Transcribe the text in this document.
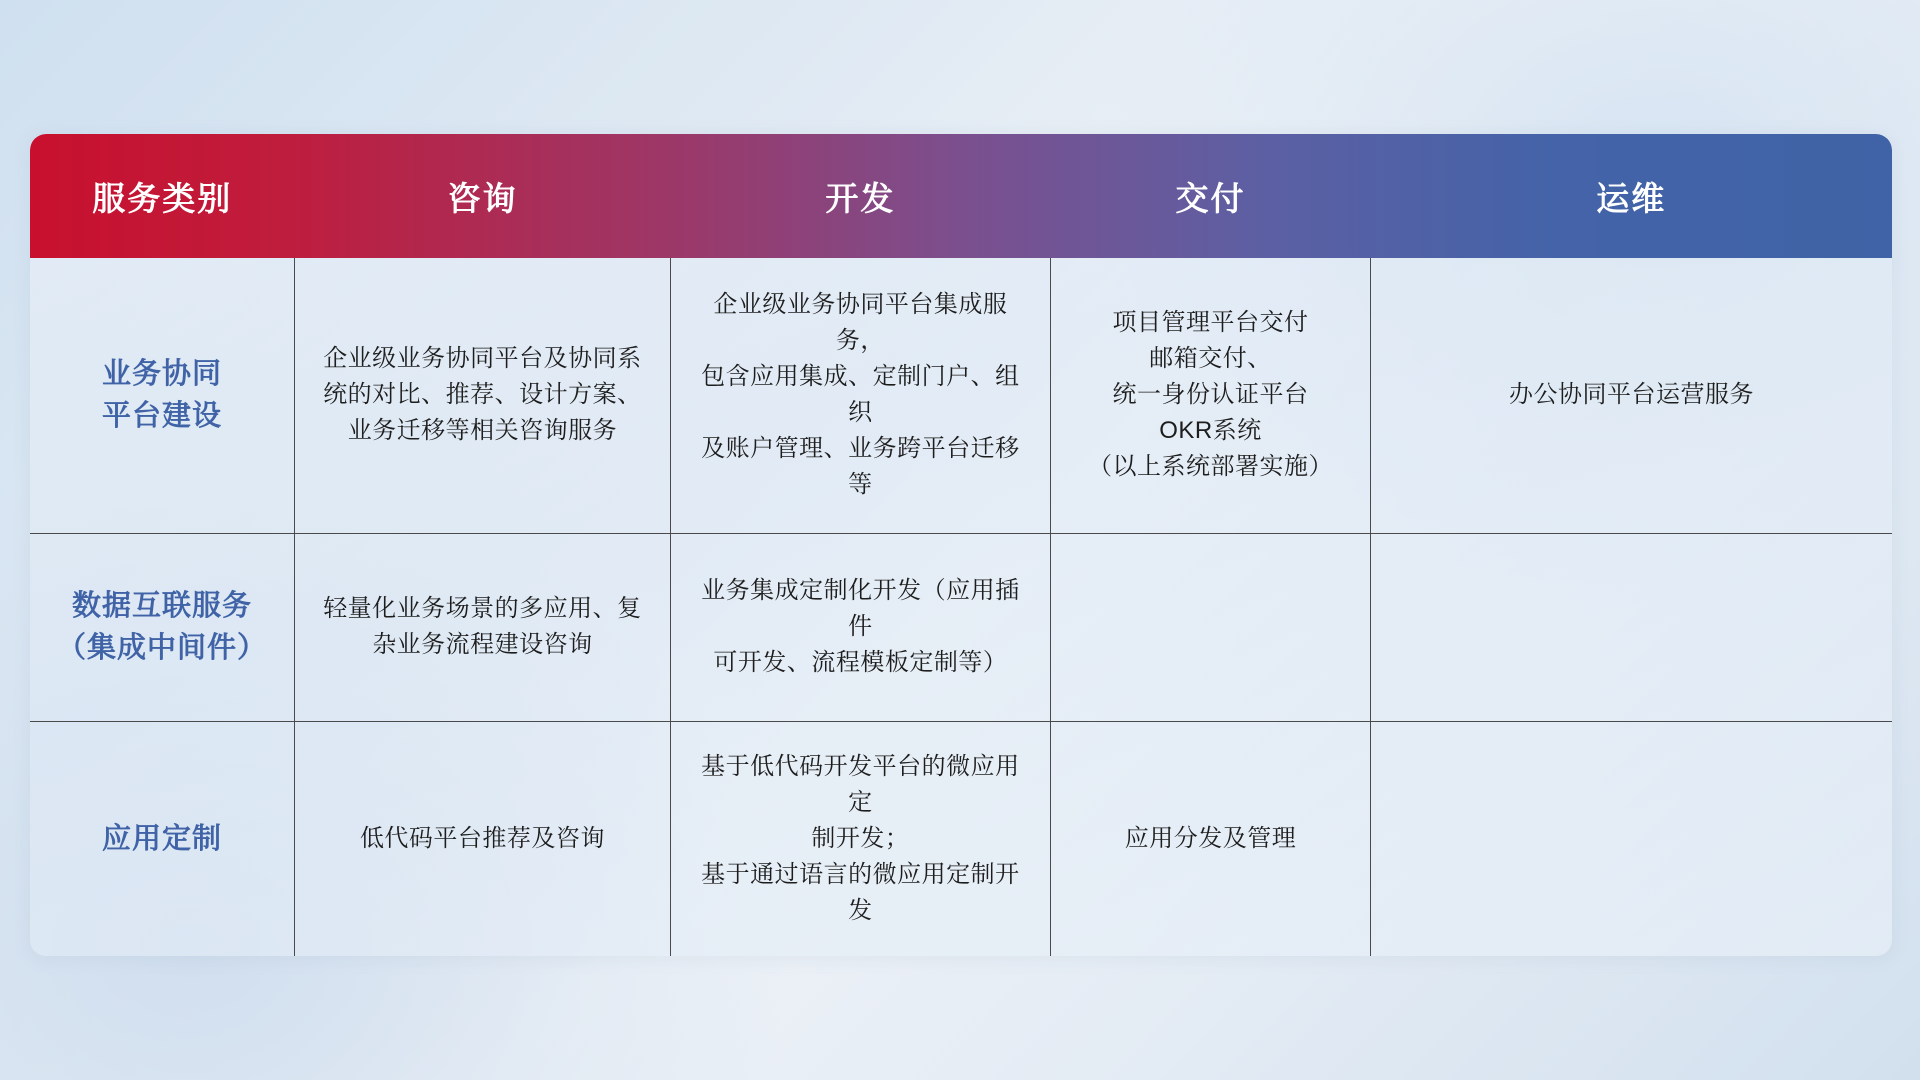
服务类别	咨询	开发	交付	运维

业务协同
平台建设	企业级业务协同平台及协同系
统的对比、推荐、设计方案、
业务迁移等相关咨询服务	企业级业务协同平台集成服务，
包含应用集成、定制门户、组织
及账户管理、业务跨平台迁移等	项目管理平台交付
邮箱交付、
统一身份认证平台
OKR系统
（以上系统部署实施）	办公协同平台运营服务

数据互联服务
（集成中间件）	轻量化业务场景的多应用、复
杂业务流程建设咨询	业务集成定制化开发（应用插件
可开发、流程模板定制等）		

应用定制	低代码平台推荐及咨询	基于低代码开发平台的微应用定
制开发；
基于通过语言的微应用定制开发	应用分发及管理	
